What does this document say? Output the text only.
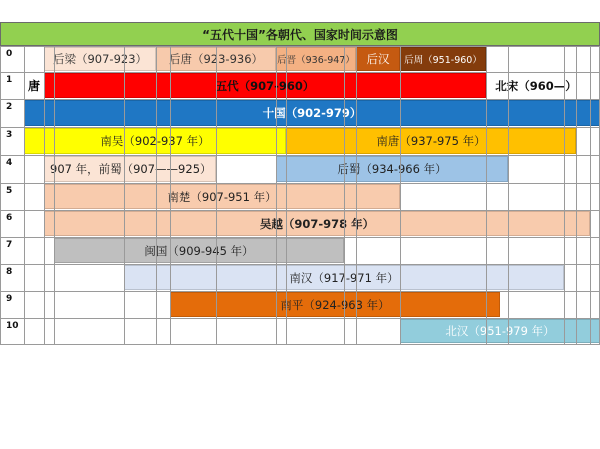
“五代十国”各朝代、国家时间示意图
0	后梁（907-923） 后唐（923-936） 后晋（936-947） 后汉 后周（951-960）
1	唐	五代（907-960）	北宋（960—）
2	十国（902-979）
3	南吴（902-937 年）	南唐（937-975 年）
4	907 年，前蜀（907——925）	后蜀（934-966 年）
5	南楚（907-951 年）
6	吴越（907-978 年）
7	闽国（909-945 年）
8	南汉（917-971 年）
9	南平（924-963 年）
10	北汉（951-979 年）
